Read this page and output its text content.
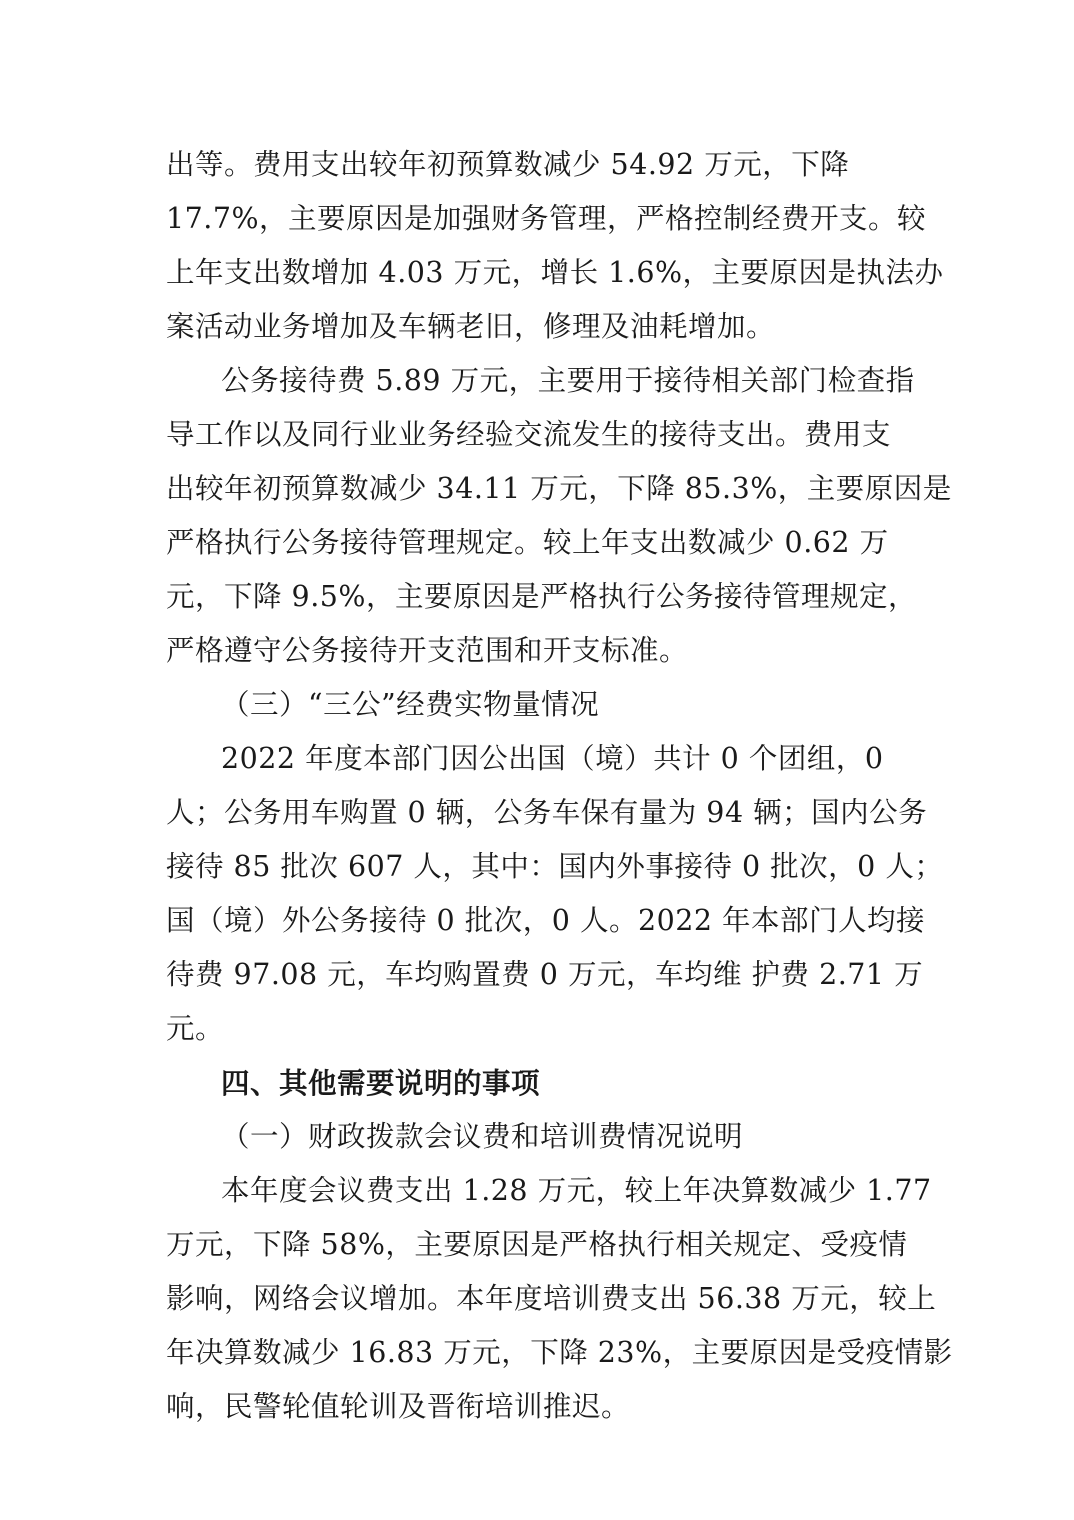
出等。费用支出较年初预算数减少 54.92 万元，下降
17.7%，主要原因是加强财务管理，严格控制经费开支。较
上年支出数增加 4.03 万元，增长 1.6%，主要原因是执法办
案活动业务增加及车辆老旧，修理及油耗增加。
公务接待费 5.89 万元，主要用于接待相关部门检查指
导工作以及同行业业务经验交流发生的接待支出。费用支
出较年初预算数减少 34.11 万元，下降 85.3%，主要原因是
严格执行公务接待管理规定。较上年支出数减少 0.62 万
元，下降 9.5%，主要原因是严格执行公务接待管理规定，
严格遵守公务接待开支范围和开支标准。
（三）“三公”经费实物量情况
2022 年度本部门因公出国（境）共计 0 个团组，0
人；公务用车购置 0 辆，公务车保有量为 94 辆；国内公务
接待 85 批次 607 人，其中：国内外事接待 0 批次，0 人；
国（境）外公务接待 0 批次，0 人。2022 年本部门人均接
待费 97.08 元，车均购置费 0 万元，车均维 护费 2.71 万
元。
四、其他需要说明的事项
（一）财政拨款会议费和培训费情况说明
本年度会议费支出 1.28 万元，较上年决算数减少 1.77
万元，下降 58%，主要原因是严格执行相关规定、受疫情
影响，网络会议增加。本年度培训费支出 56.38 万元，较上
年决算数减少 16.83 万元，下降 23%，主要原因是受疫情影
响，民警轮值轮训及晋衔培训推迟。
